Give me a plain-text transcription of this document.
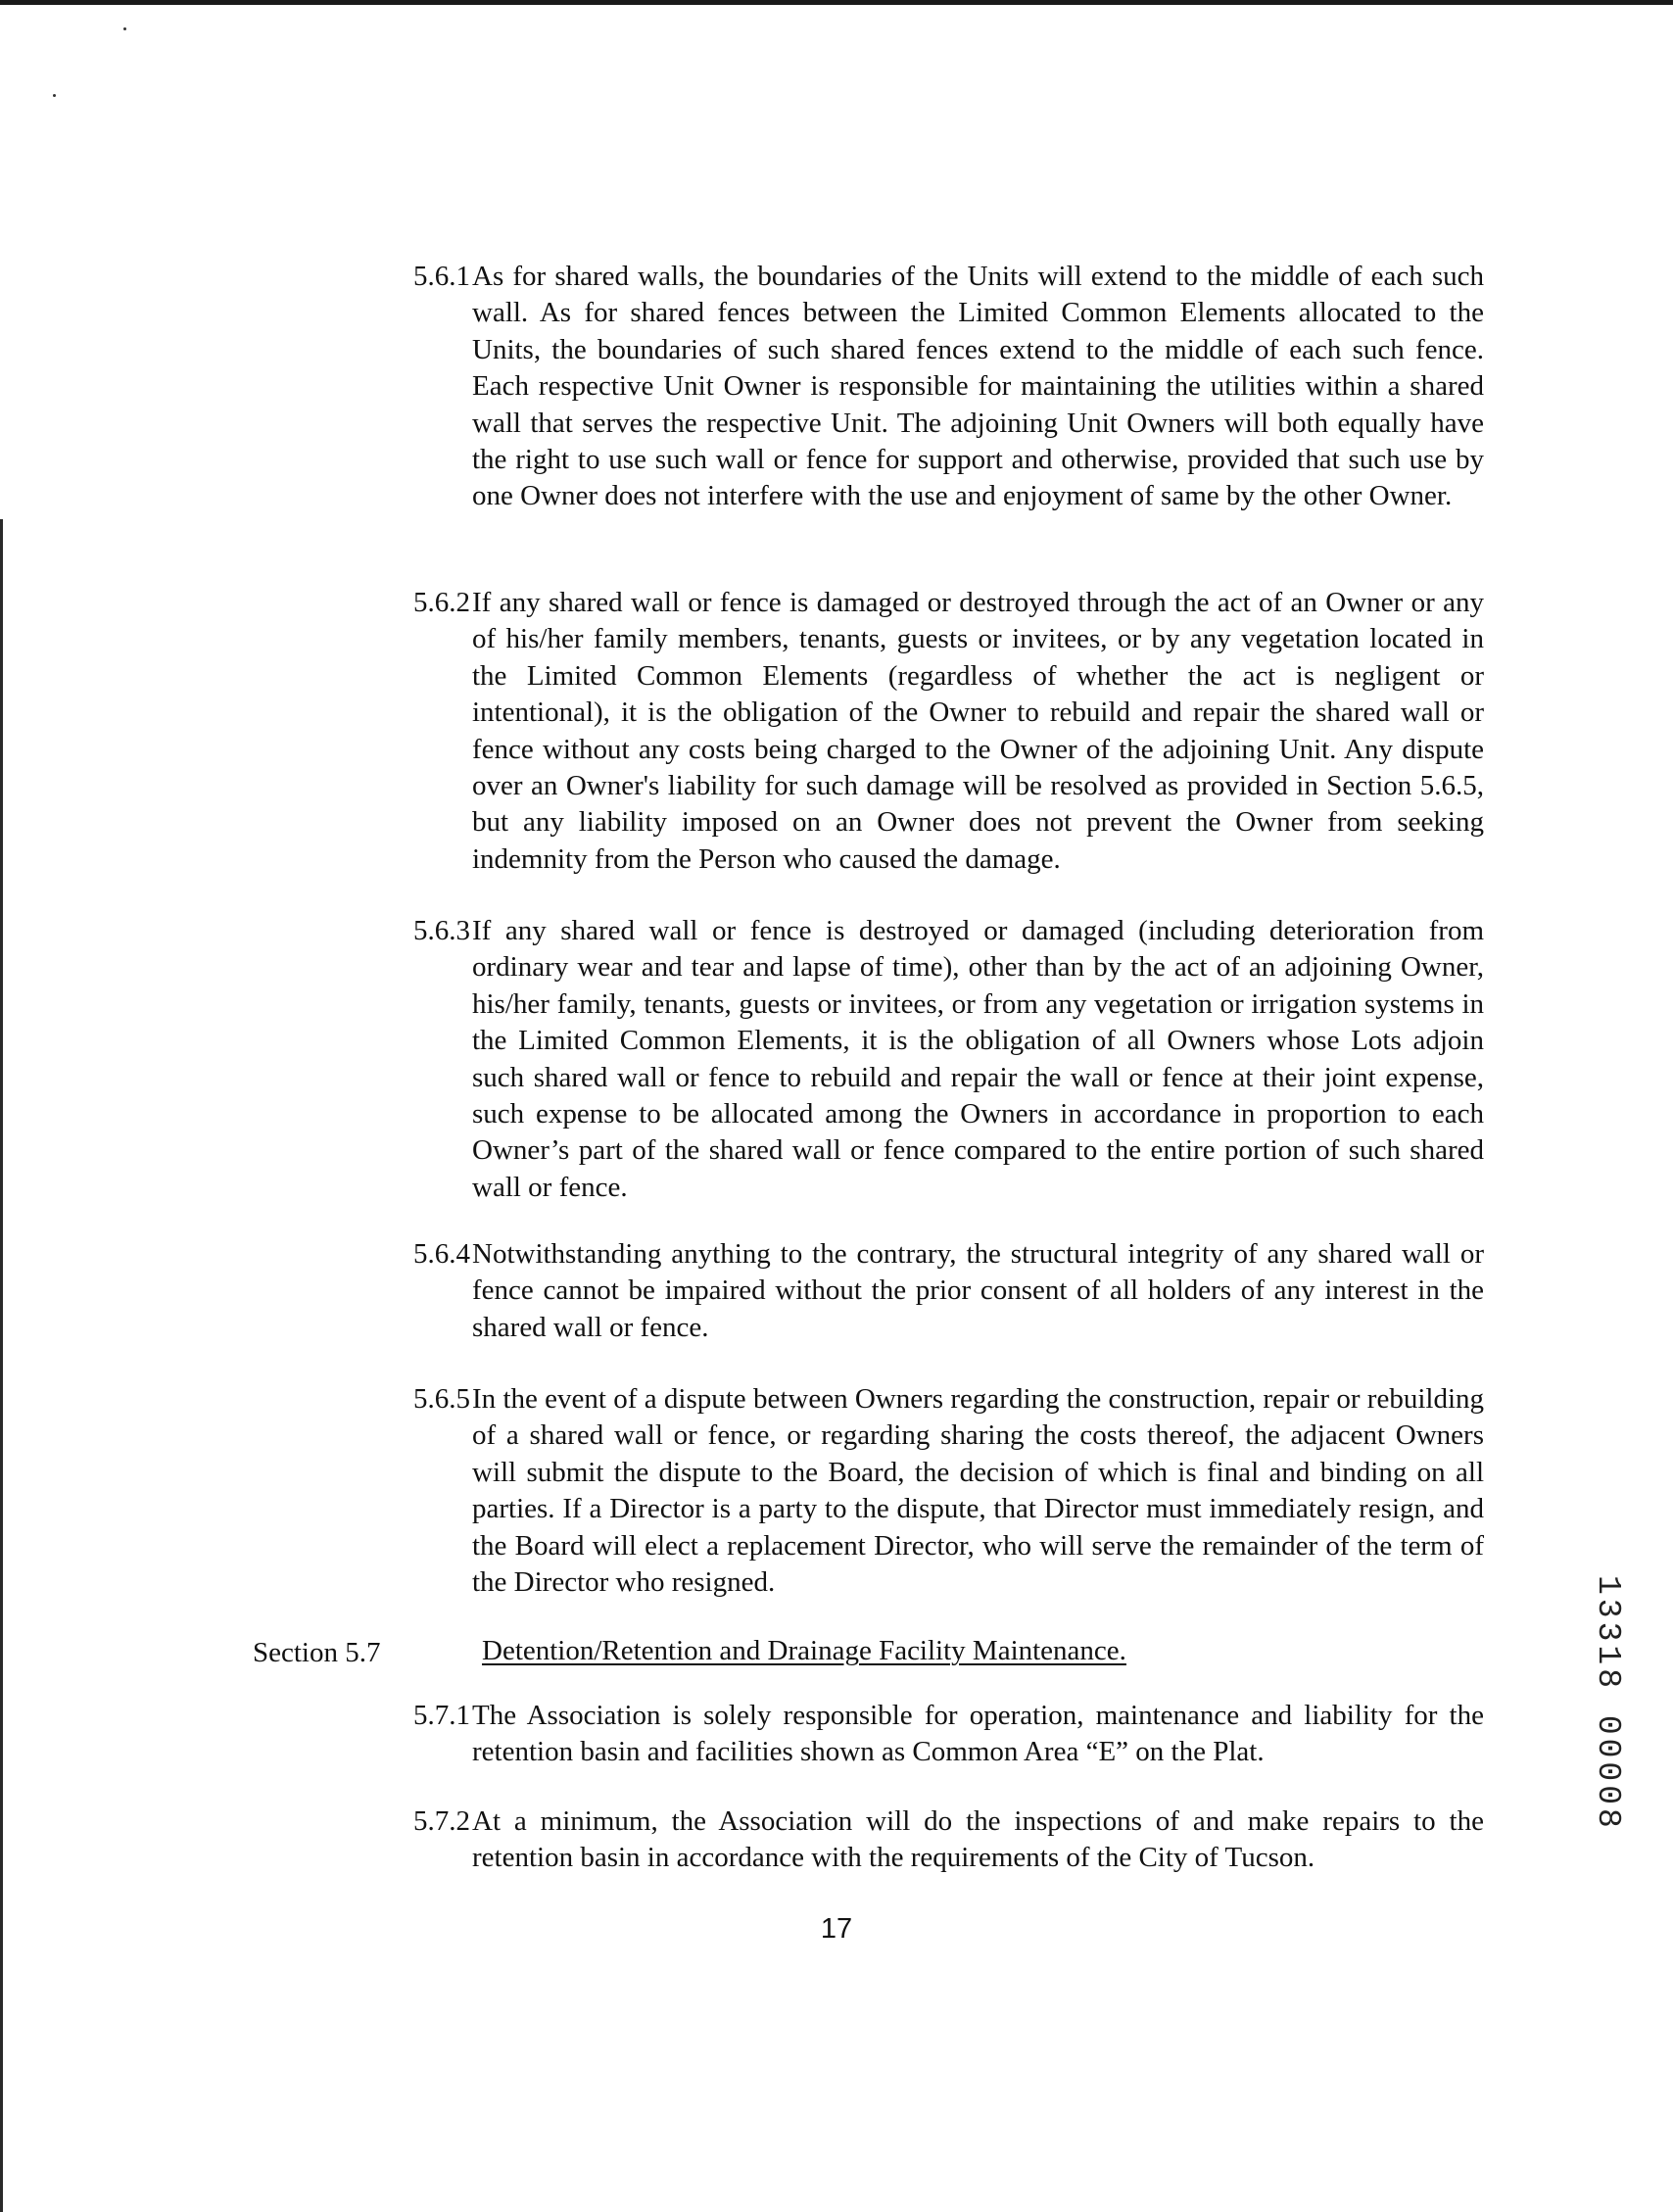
5.6.1 As for shared walls, the boundaries of the Units will extend to the middle of each such wall. As for shared fences between the Limited Common Elements allocated to the Units, the boundaries of such shared fences extend to the middle of each such fence. Each respective Unit Owner is responsible for maintaining the utilities within a shared wall that serves the respective Unit. The adjoining Unit Owners will both equally have the right to use such wall or fence for support and otherwise, provided that such use by one Owner does not interfere with the use and enjoyment of same by the other Owner.

5.6.2 If any shared wall or fence is damaged or destroyed through the act of an Owner or any of his/her family members, tenants, guests or invitees, or by any vegetation located in the Limited Common Elements (regardless of whether the act is negligent or intentional), it is the obligation of the Owner to rebuild and repair the shared wall or fence without any costs being charged to the Owner of the adjoining Unit. Any dispute over an Owner's liability for such damage will be resolved as provided in Section 5.6.5, but any liability imposed on an Owner does not prevent the Owner from seeking indemnity from the Person who caused the damage.

5.6.3 If any shared wall or fence is destroyed or damaged (including deterioration from ordinary wear and tear and lapse of time), other than by the act of an adjoining Owner, his/her family, tenants, guests or invitees, or from any vegetation or irrigation systems in the Limited Common Elements, it is the obligation of all Owners whose Lots adjoin such shared wall or fence to rebuild and repair the wall or fence at their joint expense, such expense to be allocated among the Owners in accordance in proportion to each Owner’s part of the shared wall or fence compared to the entire portion of such shared wall or fence.

5.6.4 Notwithstanding anything to the contrary, the structural integrity of any shared wall or fence cannot be impaired without the prior consent of all holders of any interest in the shared wall or fence.

5.6.5 In the event of a dispute between Owners regarding the construction, repair or rebuilding of a shared wall or fence, or regarding sharing the costs thereof, the adjacent Owners will submit the dispute to the Board, the decision of which is final and binding on all parties. If a Director is a party to the dispute, that Director must immediately resign, and the Board will elect a replacement Director, who will serve the remainder of the term of the Director who resigned.

Section 5.7	Detention/Retention and Drainage Facility Maintenance.
5.7.1 The Association is solely responsible for operation, maintenance and liability for the retention basin and facilities shown as Common Area “E” on the Plat.

5.7.2 At a minimum, the Association will do the inspections of and make repairs to the retention basin in accordance with the requirements of the City of Tucson.

17
13318 00008
